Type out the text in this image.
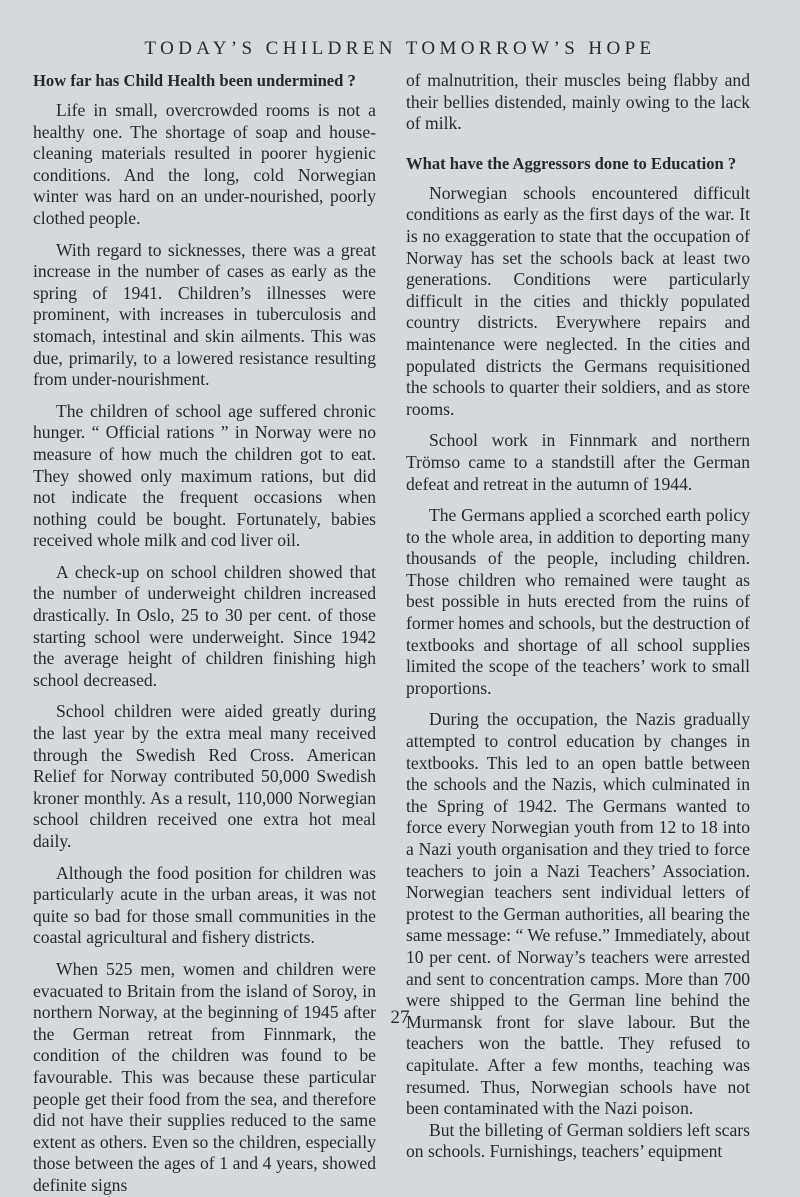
TODAY’S CHILDREN TOMORROW’S HOPE
How far has Child Health been undermined ?

Life in small, overcrowded rooms is not a healthy one. The shortage of soap and house-cleaning materials resulted in poorer hygienic conditions. And the long, cold Norwegian winter was hard on an under-nourished, poorly clothed people.

With regard to sicknesses, there was a great increase in the number of cases as early as the spring of 1941. Children’s illnesses were prominent, with increases in tuberculosis and stomach, intestinal and skin ailments. This was due, primarily, to a lowered resistance resulting from under-nourishment.

The children of school age suffered chronic hunger. “ Official rations ” in Norway were no measure of how much the children got to eat. They showed only maximum rations, but did not indicate the frequent occasions when nothing could be bought. Fortunately, babies received whole milk and cod liver oil.

A check-up on school children showed that the number of underweight children increased drastically. In Oslo, 25 to 30 per cent. of those starting school were underweight. Since 1942 the average height of children finishing high school decreased.

School children were aided greatly during the last year by the extra meal many received through the Swedish Red Cross. American Relief for Norway contributed 50,000 Swedish kroner monthly. As a result, 110,000 Norwegian school children received one extra hot meal daily.

Although the food position for children was particularly acute in the urban areas, it was not quite so bad for those small communities in the coastal agricultural and fishery districts.

When 525 men, women and children were evacuated to Britain from the island of Soroy, in northern Norway, at the beginning of 1945 after the German retreat from Finnmark, the condition of the children was found to be favourable. This was because these particular people get their food from the sea, and therefore did not have their supplies reduced to the same extent as others. Even so the children, especially those between the ages of 1 and 4 years, showed definite signs

of malnutrition, their muscles being flabby and their bellies distended, mainly owing to the lack of milk.

What have the Aggressors done to Education ?

Norwegian schools encountered difficult conditions as early as the first days of the war. It is no exaggeration to state that the occupation of Norway has set the schools back at least two generations. Conditions were particularly difficult in the cities and thickly populated country districts. Everywhere repairs and maintenance were neglected. In the cities and populated districts the Germans requisitioned the schools to quarter their soldiers, and as store rooms.

School work in Finnmark and northern Trömso came to a standstill after the German defeat and retreat in the autumn of 1944.

The Germans applied a scorched earth policy to the whole area, in addition to deporting many thousands of the people, including children. Those children who remained were taught as best possible in huts erected from the ruins of former homes and schools, but the destruction of textbooks and shortage of all school supplies limited the scope of the teachers’ work to small proportions.

During the occupation, the Nazis gradually attempted to control education by changes in textbooks. This led to an open battle between the schools and the Nazis, which culminated in the Spring of 1942. The Germans wanted to force every Norwegian youth from 12 to 18 into a Nazi youth organisation and they tried to force teachers to join a Nazi Teachers’ Association. Norwegian teachers sent individual letters of protest to the German authorities, all bearing the same message: “ We refuse.” Immediately, about 10 per cent. of Norway’s teachers were arrested and sent to concentration camps. More than 700 were shipped to the German line behind the Murmansk front for slave labour. But the teachers won the battle. They refused to capitulate. After a few months, teaching was resumed. Thus, Norwegian schools have not been contaminated with the Nazi poison.

But the billeting of German soldiers left scars on schools. Furnishings, teachers’ equipment

27
